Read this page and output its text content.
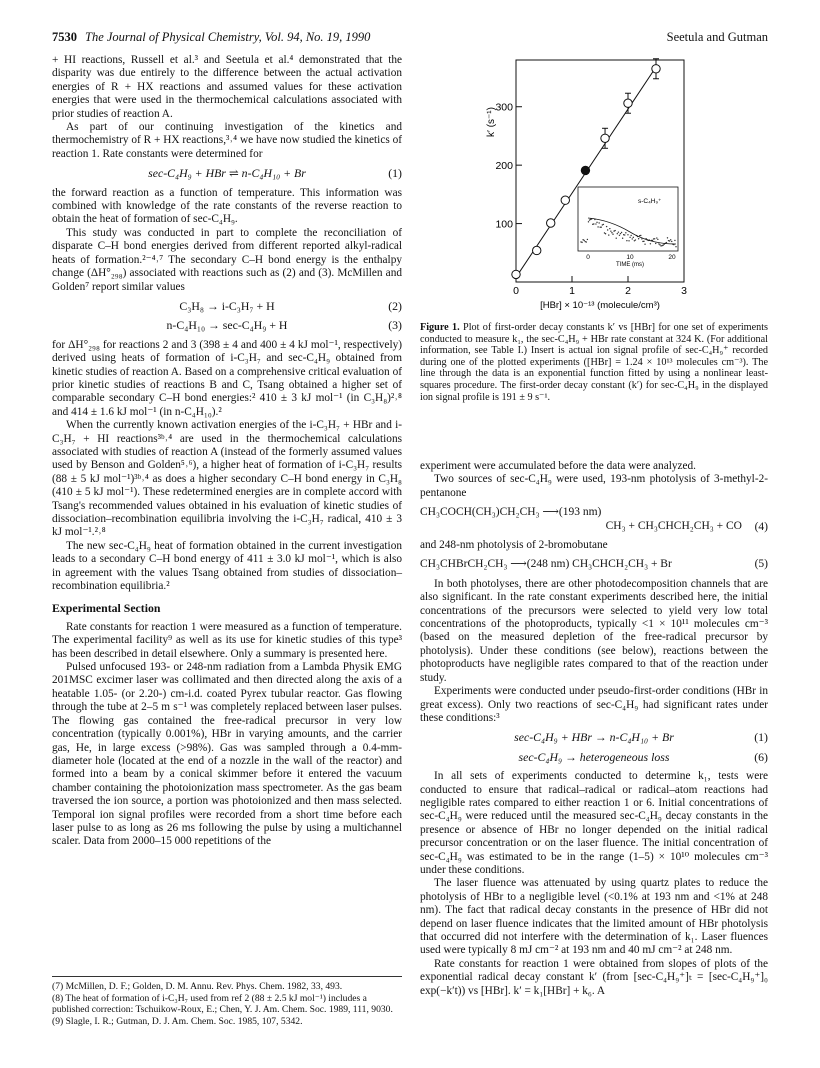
7530 The Journal of Physical Chemistry, Vol. 94, No. 19, 1990	Seetula and Gutman

+ HI reactions, Russell et al.³ and Seetula et al.⁴ demonstrated that the disparity was due entirely to the difference between the actual activation energies of R + HX reactions and assumed values for these activation energies that were used in the thermochemical calculations associated with prior studies of reaction A.

As part of our continuing investigation of the kinetics and thermochemistry of R + HX reactions,³˒⁴ we have now studied the kinetics of reaction 1. Rate constants were determined for

sec-C₄H₉ + HBr ⇌ n-C₄H₁₀ + Br	(1)

the forward reaction as a function of temperature. This information was combined with knowledge of the rate constants of the reverse reaction to obtain the heat of formation of sec-C₄H₉.

This study was conducted in part to complete the reconciliation of disparate C–H bond energies derived from different reported alkyl-radical heats of formation.²⁻⁴˒⁷ The secondary C–H bond energy is the enthalpy change (ΔH°₂₉₈) associated with reactions such as (2) and (3). McMillen and Golden⁷ report similar values

C₃H₈ → i-C₃H₇ + H	(2)
n-C₄H₁₀ → sec-C₄H₉ + H	(3)

for ΔH°₂₉₈ for reactions 2 and 3 (398 ± 4 and 400 ± 4 kJ mol⁻¹, respectively) derived using heats of formation of i-C₃H₇ and sec-C₄H₉ obtained from kinetic studies of reaction A. Based on a comprehensive critical evaluation of prior kinetic studies of reactions B and C, Tsang obtained a higher set of comparable secondary C–H bond energies:² 410 ± 3 kJ mol⁻¹ (in C₃H₈)²˒⁸ and 414 ± 1.6 kJ mol⁻¹ (in n-C₄H₁₀).²

When the currently known activation energies of the i-C₃H₇ + HBr and i-C₃H₇ + HI reactions³ᵇ˒⁴ are used in the thermochemical calculations associated with studies of reaction A (instead of the formerly assumed values used by Benson and Golden⁵˒⁶), a higher heat of formation of i-C₃H₇ results (88 ± 5 kJ mol⁻¹)³ᵇ˒⁴ as does a higher secondary C–H bond energy in C₃H₈ (410 ± 5 kJ mol⁻¹). These redetermined energies are in complete accord with Tsang's recommended values obtained in his evaluation of kinetic studies of dissociation–recombination equilibria involving the i-C₃H₇ radical, 410 ± 3 kJ mol⁻¹.²˒⁸

The new sec-C₄H₉ heat of formation obtained in the current investigation leads to a secondary C–H bond energy of 411 ± 3.0 kJ mol⁻¹, which is also in agreement with the values Tsang obtained from studies of dissociation–recombination equilibria.²

Experimental Section

Rate constants for reaction 1 were measured as a function of temperature. The experimental facility⁹ as well as its use for kinetic studies of this type³ has been described in detail elsewhere. Only a summary is presented here.

Pulsed unfocused 193- or 248-nm radiation from a Lambda Physik EMG 201MSC excimer laser was collimated and then directed along the axis of a heatable 1.05- (or 2.20-) cm-i.d. coated Pyrex tubular reactor. Gas flowing through the tube at 2–5 m s⁻¹ was completely replaced between laser pulses. The flowing gas contained the free-radical precursor in very low concentration (typically 0.001%), HBr in varying amounts, and the carrier gas, He, in large excess (>98%). Gas was sampled through a 0.4-mm-diameter hole (located at the end of a nozzle in the wall of the reactor) and formed into a beam by a conical skimmer before it entered the vacuum chamber containing the photoionization mass spectrometer. As the gas beam traversed the ion source, a portion was photoionized and then mass selected. Temporal ion signal profiles were recorded from a short time before each laser pulse to as long as 26 ms following the pulse by using a multichannel scaler. Data from 2000–15 000 repetitions of the

(7) McMillen, D. F.; Golden, D. M. Annu. Rev. Phys. Chem. 1982, 33, 493.
(8) The heat of formation of i-C₃H₇ used from ref 2 (88 ± 2.5 kJ mol⁻¹) includes a published correction: Tschuikow-Roux, E.; Chen, Y. J. Am. Chem. Soc. 1989, 111, 9030.
(9) Slagle, I. R.; Gutman, D. J. Am. Chem. Soc. 1985, 107, 5342.
100
200
300
0	1	2	3
k′ (s⁻¹)
[HBr] × 10⁻¹³ (molecule/cm³)
s-C₄H₉⁺
0	10	20
TIME (ms)
Figure 1. Plot of first-order decay constants k′ vs [HBr] for one set of experiments conducted to measure k₁, the sec-C₄H₉ + HBr rate constant at 324 K. (For additional information, see Table I.) Insert is actual ion signal profile of sec-C₄H₉⁺ recorded during one of the plotted experiments ([HBr] = 1.24 × 10¹³ molecules cm⁻³). The line through the data is an exponential function fitted by using a nonlinear least-squares procedure. The first-order decay constant (k′) for sec-C₄H₉ in the displayed ion signal profile is 191 ± 9 s⁻¹.

experiment were accumulated before the data were analyzed.

Two sources of sec-C₄H₉ were used, 193-nm photolysis of 3-methyl-2-pentanone

CH₃COCH(CH₃)CH₂CH₃ ⟶(193 nm)
CH₃ + CH₃CHCH₂CH₃ + CO	(4)

and 248-nm photolysis of 2-bromobutane

CH₃CHBrCH₂CH₃ ⟶(248 nm) CH₃CHCH₂CH₃ + Br	(5)

In both photolyses, there are other photodecomposition channels that are also significant. In the rate constant experiments described here, the initial concentrations of the precursors were selected to yield very low total concentrations of the photoproducts, typically <1 × 10¹¹ molecules cm⁻³ (based on the measured depletion of the free-radical precursor by photolysis). Under these conditions (see below), reactions between the photoproducts have negligible rates compared to that of the reaction under study.

Experiments were conducted under pseudo-first-order conditions (HBr in great excess). Only two reactions of sec-C₄H₉ had significant rates under these conditions:³

sec-C₄H₉ + HBr → n-C₄H₁₀ + Br	(1)
sec-C₄H₉ → heterogeneous loss	(6)

In all sets of experiments conducted to determine k₁, tests were conducted to ensure that radical–radical or radical–atom reactions had negligible rates compared to either reaction 1 or 6. Initial concentrations of sec-C₄H₉ were reduced until the measured sec-C₄H₉ decay constants in the presence or absence of HBr no longer depended on the initial radical precursor concentration or on the laser fluence. The initial concentration of sec-C₄H₉ was estimated to be in the range (1–5) × 10¹⁰ molecules cm⁻³ under these conditions.

The laser fluence was attenuated by using quartz plates to reduce the photolysis of HBr to a negligible level (<0.1% at 193 nm and <1% at 248 nm). The fact that radical decay constants in the presence of HBr did not depend on laser fluence indicates that the limited amount of HBr photolysis that occurred did not interfere with the determination of k₁. Laser fluences used were typically 8 mJ cm⁻² at 193 nm and 40 mJ cm⁻² at 248 nm.

Rate constants for reaction 1 were obtained from slopes of plots of the exponential radical decay constant k′ (from [sec-C₄H₉⁺]ₜ = [sec-C₄H₉⁺]₀ exp(−k′t)) vs [HBr]. k′ = k₁[HBr] + k₆. A
